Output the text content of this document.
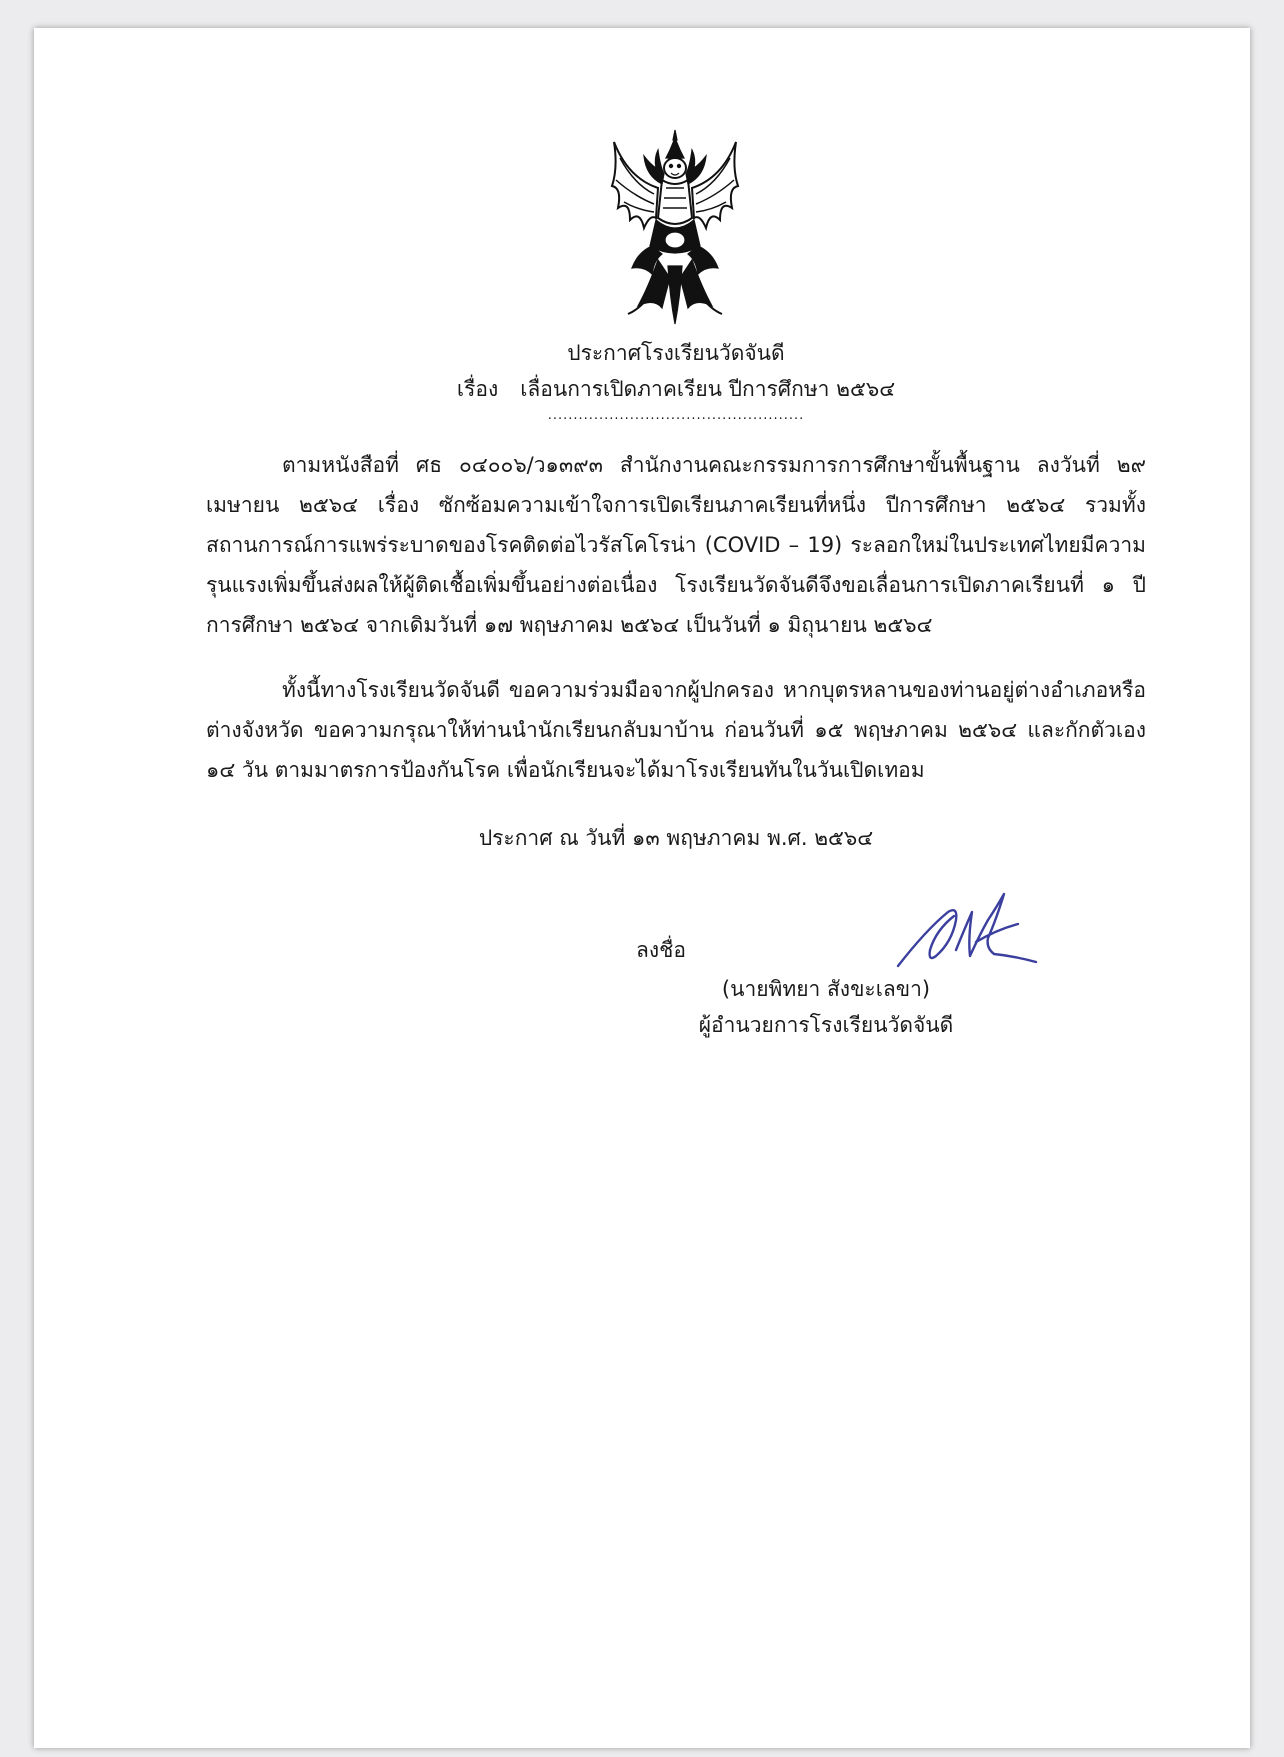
ประกาศโรงเรียนวัดจันดี
เรื่อง เลื่อนการเปิดภาคเรียน ปีการศึกษา ๒๕๖๔
..................................................

ตามหนังสือที่ ศธ ๐๔๐๐๖/ว๑๓๙๓ สำนักงานคณะกรรมการการศึกษาขั้นพื้นฐาน ลงวันที่ ๒๙ เมษายน ๒๕๖๔ เรื่อง ซักซ้อมความเข้าใจการเปิดเรียนภาคเรียนที่หนึ่ง ปีการศึกษา ๒๕๖๔ รวมทั้งสถานการณ์การแพร่ระบาดของโรคติดต่อไวรัสโคโรน่า (COVID – 19) ระลอกใหม่ในประเทศไทยมีความรุนแรงเพิ่มขึ้นส่งผลให้ผู้ติดเชื้อเพิ่มขึ้นอย่างต่อเนื่อง โรงเรียนวัดจันดีจึงขอเลื่อนการเปิดภาคเรียนที่ ๑ ปีการศึกษา ๒๕๖๔ จากเดิมวันที่ ๑๗ พฤษภาคม ๒๕๖๔ เป็นวันที่ ๑ มิถุนายน ๒๕๖๔

ทั้งนี้ทางโรงเรียนวัดจันดี ขอความร่วมมือจากผู้ปกครอง หากบุตรหลานของท่านอยู่ต่างอำเภอหรือต่างจังหวัด ขอความกรุณาให้ท่านนำนักเรียนกลับมาบ้าน ก่อนวันที่ ๑๕ พฤษภาคม ๒๕๖๔ และกักตัวเอง ๑๔ วัน ตามมาตรการป้องกันโรค เพื่อนักเรียนจะได้มาโรงเรียนทันในวันเปิดเทอม

ประกาศ ณ วันที่ ๑๓ พฤษภาคม พ.ศ. ๒๕๖๔
ลงชื่อ
(นายพิทยา สังขะเลขา)
ผู้อำนวยการโรงเรียนวัดจันดี
